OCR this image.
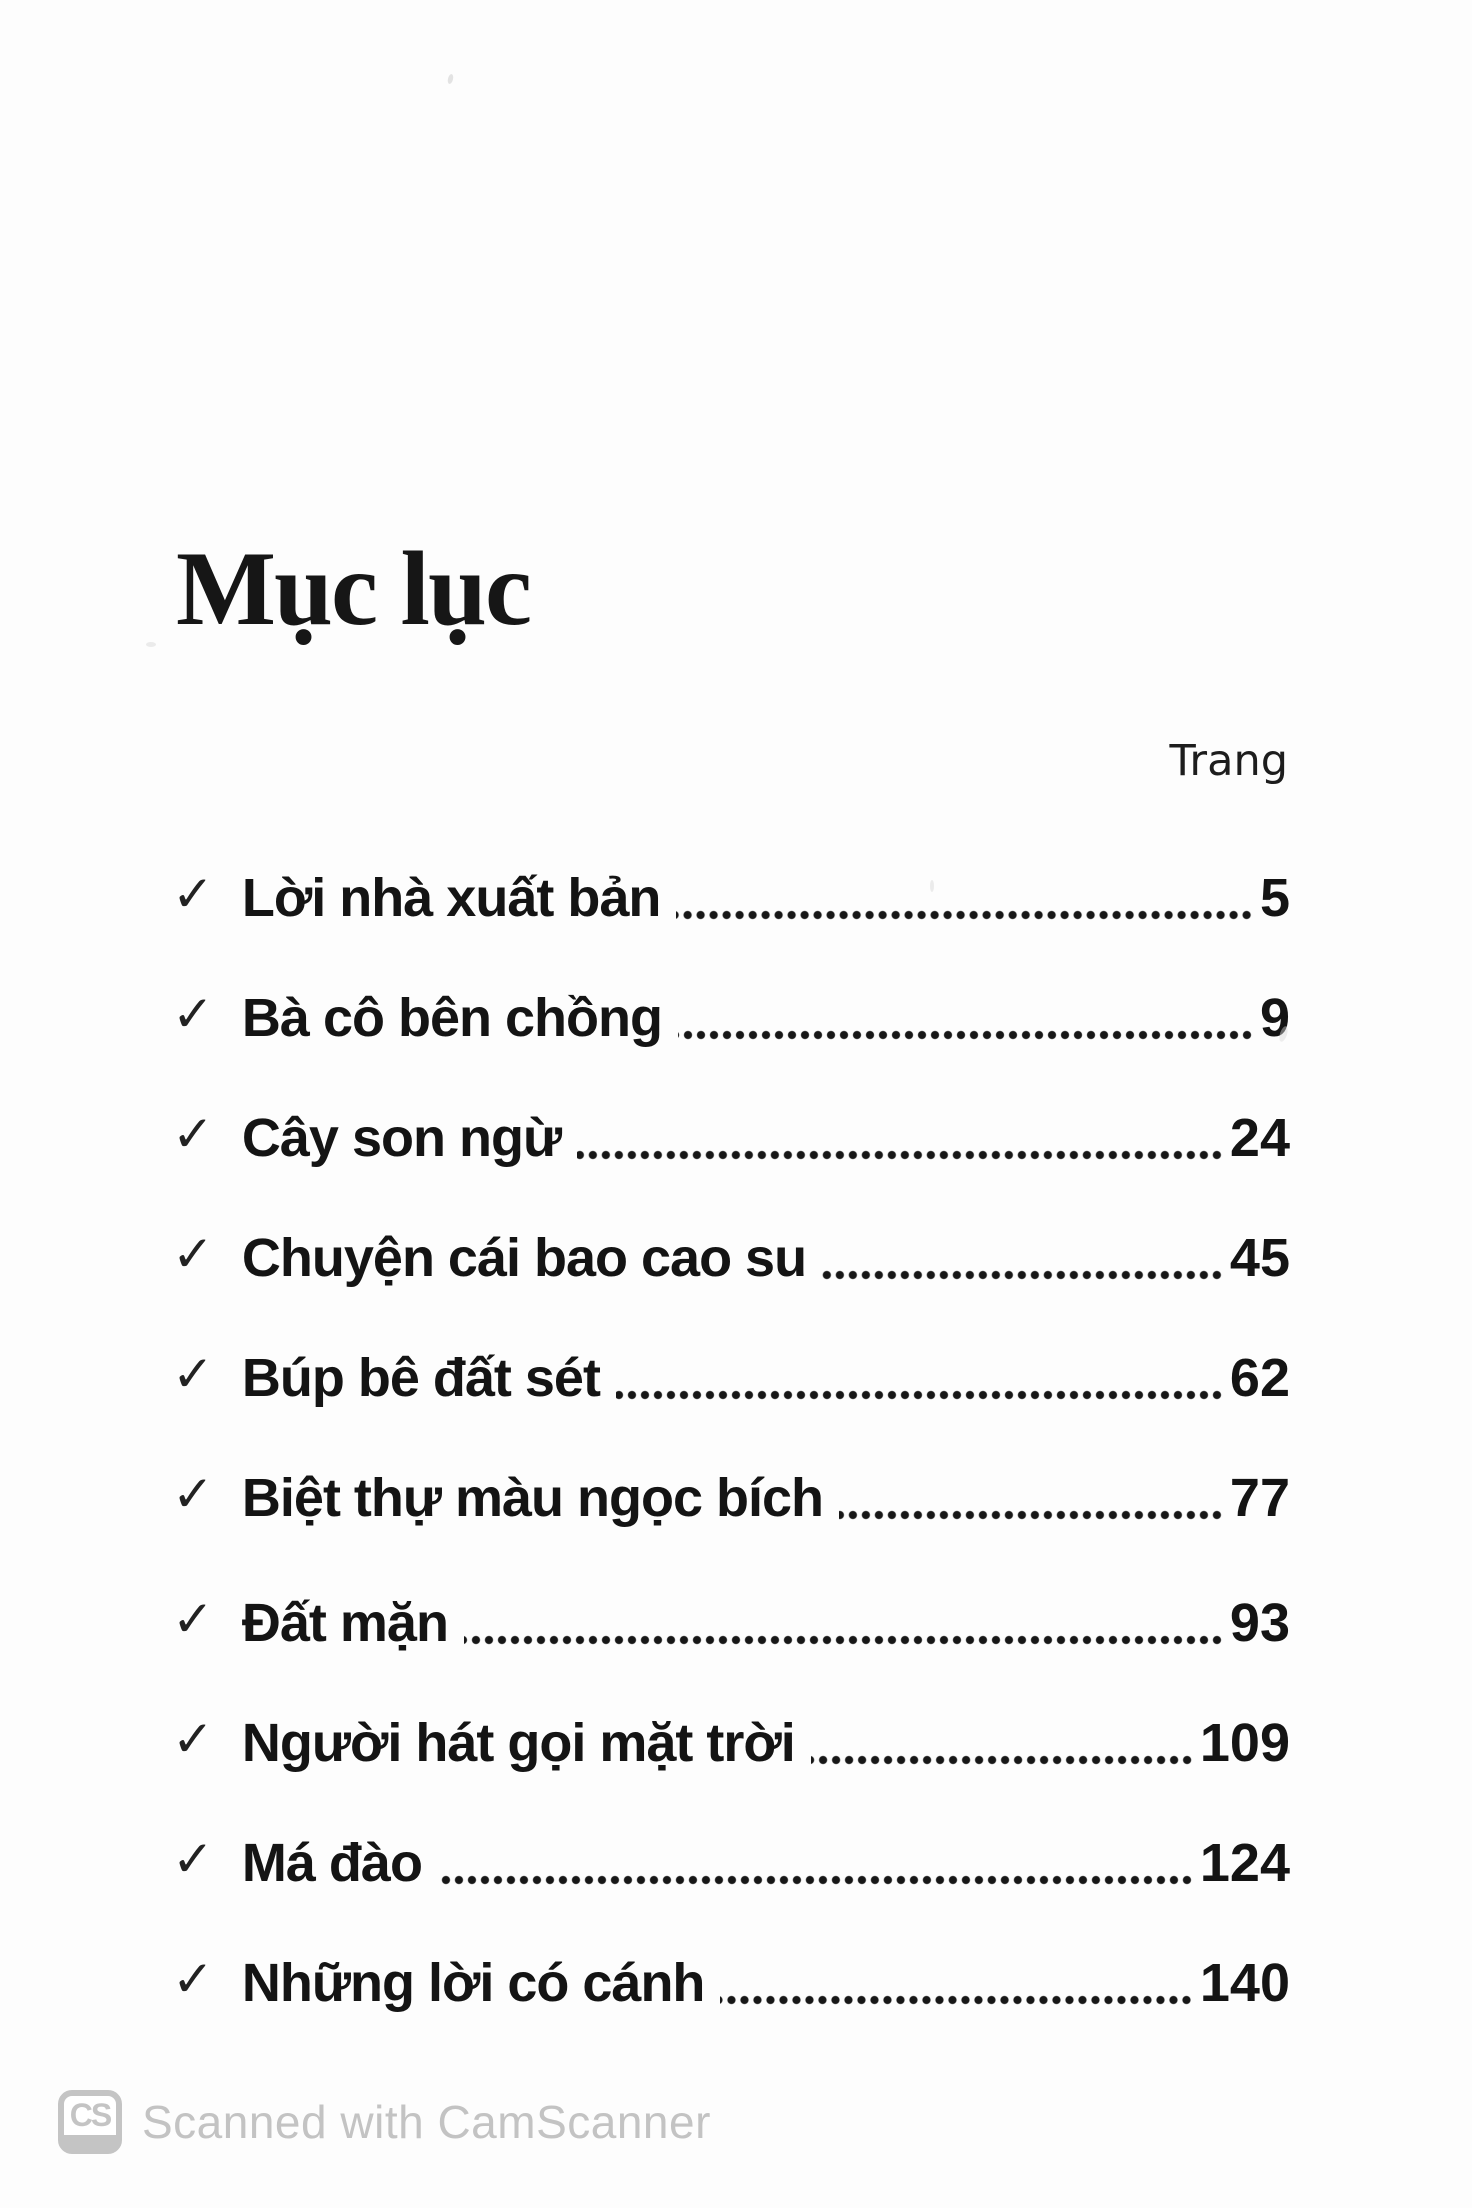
Mục lục
Trang
✓ Lời nhà xuất bản	5
✓ Bà cô bên chồng	9
✓ Cây son ngừ	24
✓ Chuyện cái bao cao su	45
✓ Búp bê đất sét	62
✓ Biệt thự màu ngọc bích	77
✓ Đất mặn	93
✓ Người hát gọi mặt trời	109
✓ Má đào	124
✓ Những lời có cánh	140
CS Scanned with CamScanner
